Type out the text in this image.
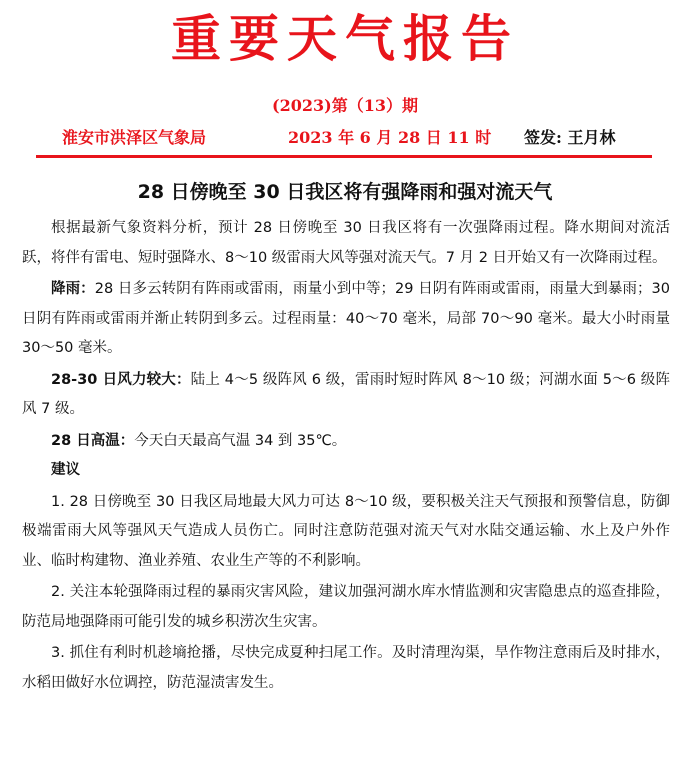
重要天气报告
(2023)第（13）期
淮安市洪泽区气象局	2023 年 6 月 28 日 11 时 签发: 王月林
28 日傍晚至 30 日我区将有强降雨和强对流天气

根据最新气象资料分析，预计 28 日傍晚至 30 日我区将有一次强降雨过程。降水期间对流活跃，将伴有雷电、短时强降水、8～10 级雷雨大风等强对流天气。7 月 2 日开始又有一次降雨过程。

降雨：28 日多云转阴有阵雨或雷雨，雨量小到中等；29 日阴有阵雨或雷雨，雨量大到暴雨；30 日阴有阵雨或雷雨并渐止转阴到多云。过程雨量：40～70 毫米，局部 70～90 毫米。最大小时雨量 30～50 毫米。

28-30 日风力较大：陆上 4～5 级阵风 6 级，雷雨时短时阵风 8～10 级；河湖水面 5～6 级阵风 7 级。

28 日高温：今天白天最高气温 34 到 35℃。

建议

1. 28 日傍晚至 30 日我区局地最大风力可达 8～10 级，要积极关注天气预报和预警信息，防御极端雷雨大风等强风天气造成人员伤亡。同时注意防范强对流天气对水陆交通运输、水上及户外作业、临时构建物、渔业养殖、农业生产等的不利影响。

2. 关注本轮强降雨过程的暴雨灾害风险，建议加强河湖水库水情监测和灾害隐患点的巡查排险，防范局地强降雨可能引发的城乡积涝次生灾害。

3. 抓住有利时机趁墒抢播，尽快完成夏种扫尾工作。及时清理沟渠，旱作物注意雨后及时排水，水稻田做好水位调控，防范湿渍害发生。
